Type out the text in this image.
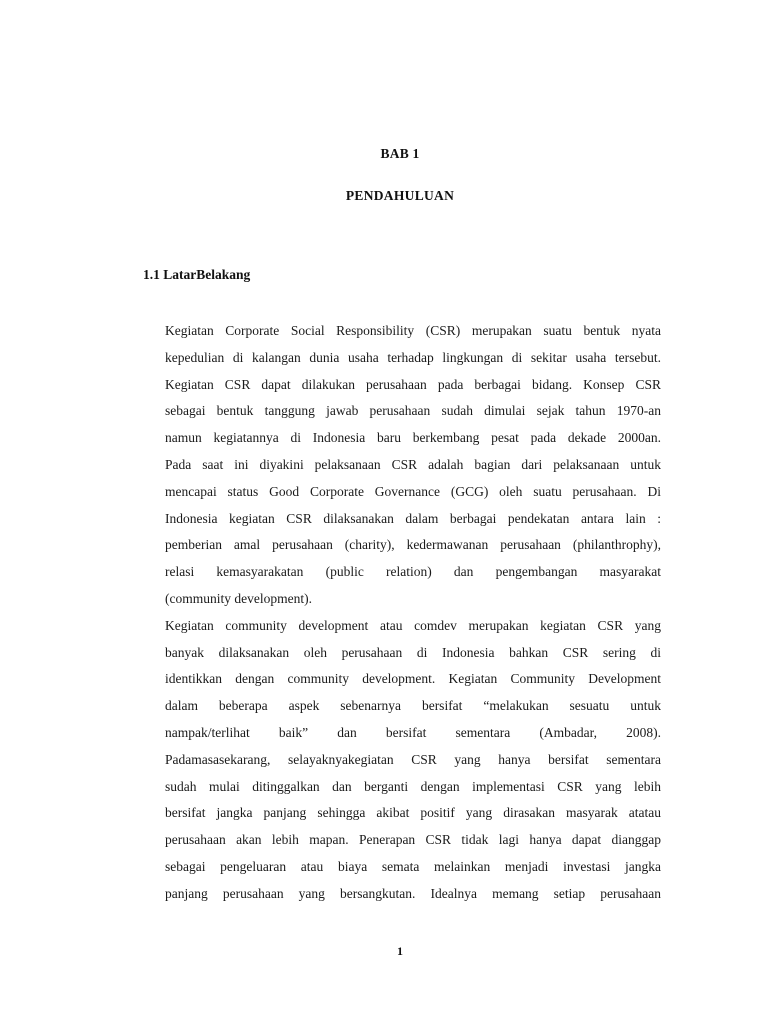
BAB 1
PENDAHULUAN
1.1 LatarBelakang
Kegiatan Corporate Social Responsibility (CSR) merupakan suatu bentuk nyata
kepedulian di kalangan dunia usaha terhadap lingkungan di sekitar usaha tersebut.
Kegiatan CSR dapat dilakukan perusahaan pada berbagai bidang. Konsep CSR
sebagai bentuk tanggung jawab perusahaan sudah dimulai sejak tahun 1970-an
namun kegiatannya di Indonesia baru berkembang pesat pada dekade 2000an.
Pada saat ini diyakini pelaksanaan CSR adalah bagian dari pelaksanaan untuk
mencapai status Good Corporate Governance (GCG) oleh suatu perusahaan. Di
Indonesia kegiatan CSR dilaksanakan dalam berbagai pendekatan antara lain :
pemberian amal perusahaan (charity), kedermawanan perusahaan (philanthrophy),
relasi kemasyarakatan (public relation) dan pengembangan masyarakat
(community development).
Kegiatan community development atau comdev merupakan kegiatan CSR yang
banyak dilaksanakan oleh perusahaan di Indonesia bahkan CSR sering di
identikkan dengan community development. Kegiatan Community Development
dalam beberapa aspek sebenarnya bersifat “melakukan sesuatu untuk
nampak/terlihat baik” dan bersifat sementara (Ambadar, 2008).
Padamasasekarang, selayaknyakegiatan CSR yang hanya bersifat sementara
sudah mulai ditinggalkan dan berganti dengan implementasi CSR yang lebih
bersifat jangka panjang sehingga akibat positif yang dirasakan masyarak atatau
perusahaan akan lebih mapan. Penerapan CSR tidak lagi hanya dapat dianggap
sebagai pengeluaran atau biaya semata melainkan menjadi investasi jangka
panjang perusahaan yang bersangkutan. Idealnya memang setiap perusahaan
1
